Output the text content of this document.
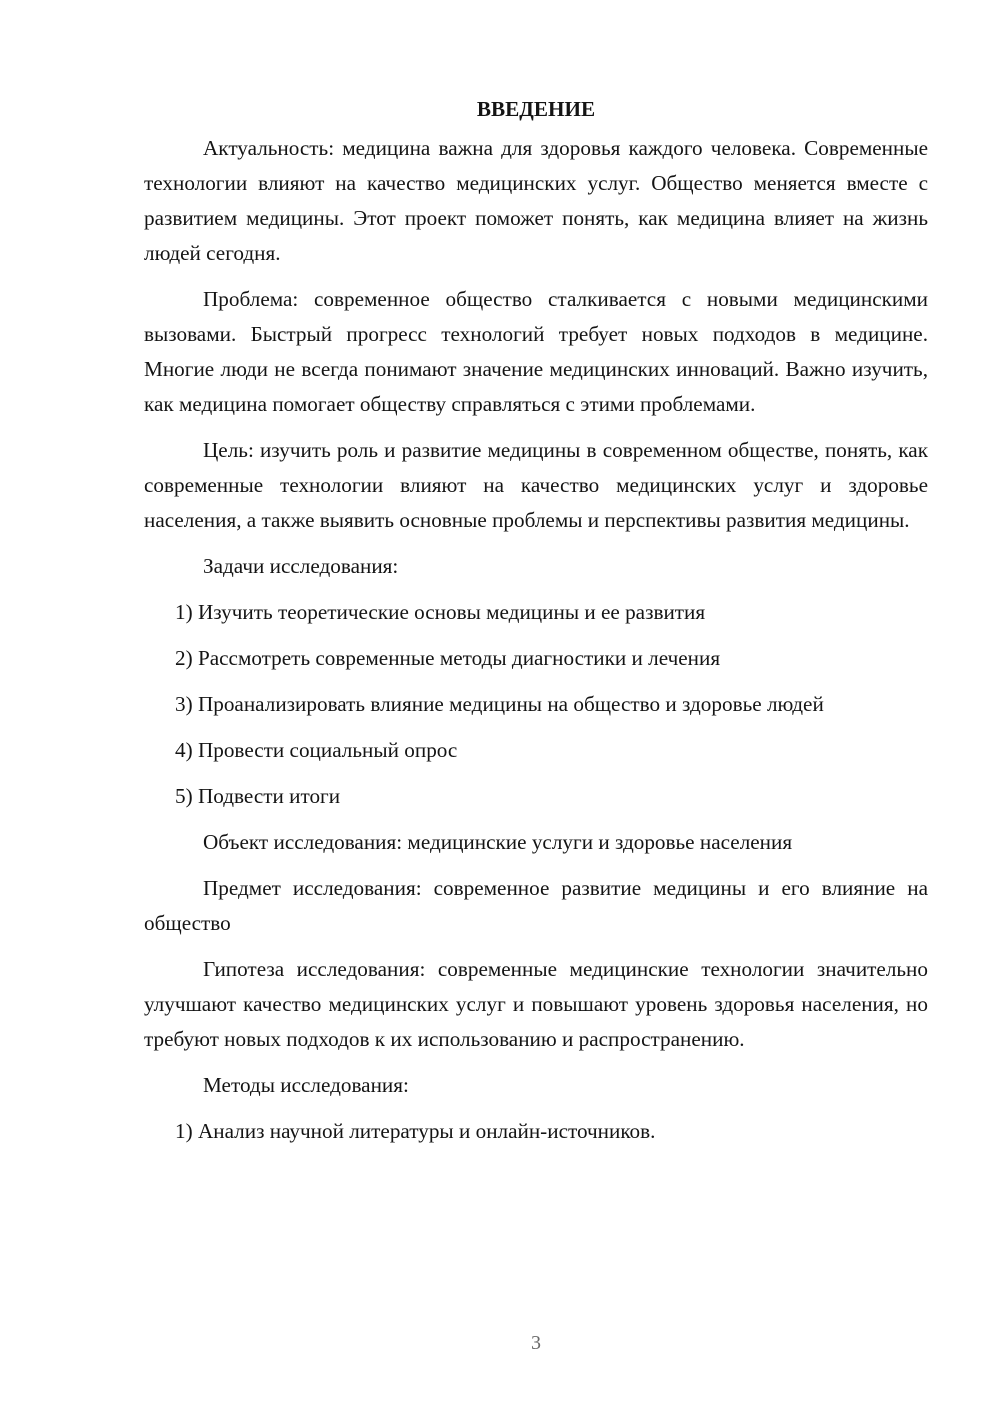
ВВЕДЕНИЕ

Актуальность: медицина важна для здоровья каждого человека. Современные технологии влияют на качество медицинских услуг. Общество меняется вместе с развитием медицины. Этот проект поможет понять, как медицина влияет на жизнь людей сегодня.

Проблема: современное общество сталкивается с новыми медицинскими вызовами. Быстрый прогресс технологий требует новых подходов в медицине. Многие люди не всегда понимают значение медицинских инноваций. Важно изучить, как медицина помогает обществу справляться с этими проблемами.

Цель: изучить роль и развитие медицины в современном обществе, понять, как современные технологии влияют на качество медицинских услуг и здоровье населения, а также выявить основные проблемы и перспективы развития медицины.

Задачи исследования:

1) Изучить теоретические основы медицины и ее развития

2) Рассмотреть современные методы диагностики и лечения

3) Проанализировать влияние медицины на общество и здоровье людей

4) Провести социальный опрос

5) Подвести итоги

Объект исследования: медицинские услуги и здоровье населения

Предмет исследования: современное развитие медицины и его влияние на общество

Гипотеза исследования: современные медицинские технологии значительно улучшают качество медицинских услуг и повышают уровень здоровья населения, но требуют новых подходов к их использованию и распространению.

Методы исследования:

1) Анализ научной литературы и онлайн-источников.

3
